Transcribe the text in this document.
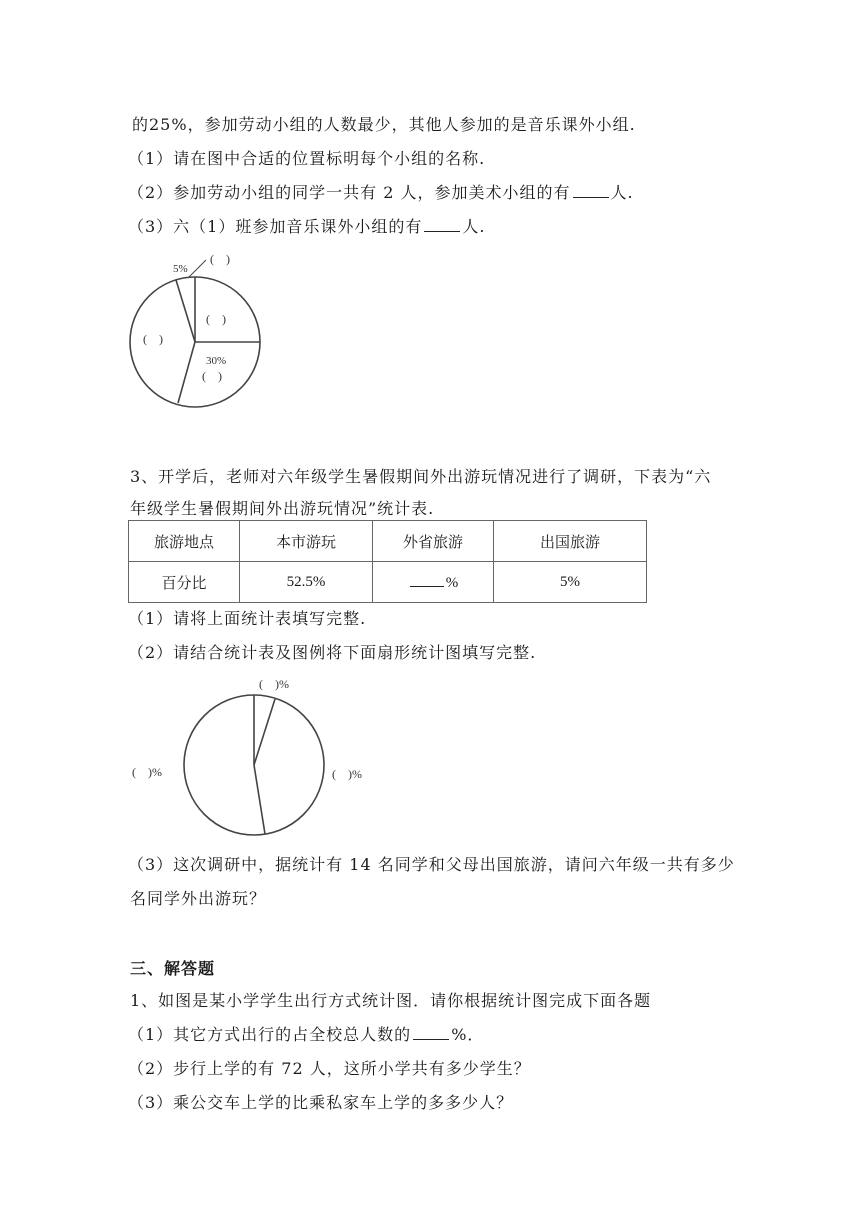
的25%，参加劳动小组的人数最少，其他人参加的是音乐课外小组.
（1）请在图中合适的位置标明每个小组的名称.
（2）参加劳动小组的同学一共有 2 人，参加美术小组的有	人.
（3）六（1）班参加音乐课外小组的有	人.
5%
(　)
(　)
(　)
30%
(　)
3、开学后，老师对六年级学生暑假期间外出游玩情况进行了调研，下表为“六
年级学生暑假期间外出游玩情况”统计表.
旅游地点	本市游玩	外省旅游	出国旅游
百分比	52.5%	%	5%
（1）请将上面统计表填写完整.
（2）请结合统计表及图例将下面扇形统计图填写完整.
(　)%
(　)%	(　)%
（3）这次调研中，据统计有 14 名同学和父母出国旅游，请问六年级一共有多少
名同学外出游玩？
三、解答题
1、如图是某小学学生出行方式统计图．请你根据统计图完成下面各题
（1）其它方式出行的占全校总人数的	%．
（2）步行上学的有 72 人，这所小学共有多少学生？
（3）乘公交车上学的比乘私家车上学的多多少人？
